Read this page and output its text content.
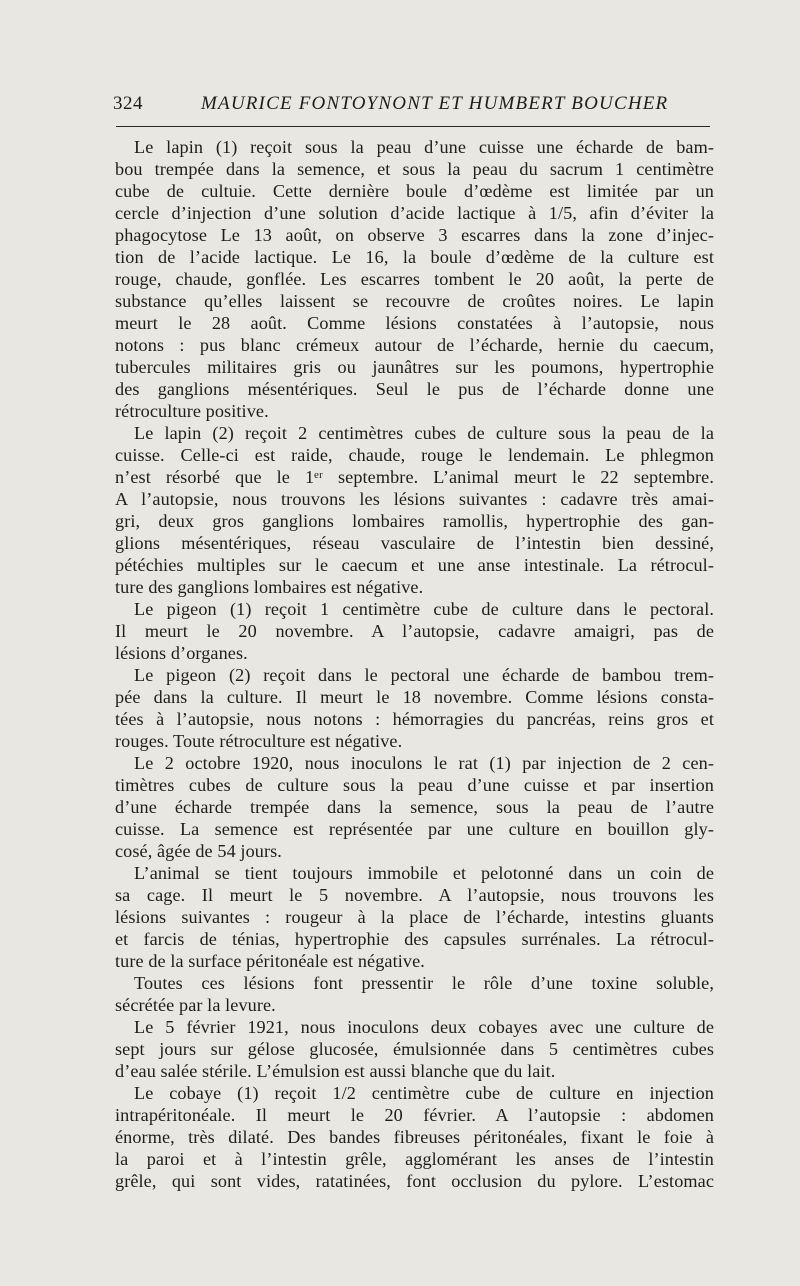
324	MAURICE FONTOYNONT ET HUMBERT BOUCHER
Le lapin (1) reçoit sous la peau d’une cuisse une écharde de bam-
bou trempée dans la semence, et sous la peau du sacrum 1 centimètre
cube de cultuie. Cette dernière boule d’œdème est limitée par un
cercle d’injection d’une solution d’acide lactique à 1/5, afin d’éviter la
phagocytose Le 13 août, on observe 3 escarres dans la zone d’injec-
tion de l’acide lactique. Le 16, la boule d’œdème de la culture est
rouge, chaude, gonflée. Les escarres tombent le 20 août, la perte de
substance qu’elles laissent se recouvre de croûtes noires. Le lapin
meurt le 28 août. Comme lésions constatées à l’autopsie, nous
notons : pus blanc crémeux autour de l’écharde, hernie du caecum,
tubercules militaires gris ou jaunâtres sur les poumons, hypertrophie
des ganglions mésentériques. Seul le pus de l’écharde donne une
rétroculture positive.
Le lapin (2) reçoit 2 centimètres cubes de culture sous la peau de la
cuisse. Celle-ci est raide, chaude, rouge le lendemain. Le phlegmon
n’est résorbé que le 1ᵉʳ septembre. L’animal meurt le 22 septembre.
A l’autopsie, nous trouvons les lésions suivantes : cadavre très amai-
gri, deux gros ganglions lombaires ramollis, hypertrophie des gan-
glions mésentériques, réseau vasculaire de l’intestin bien dessiné,
pétéchies multiples sur le caecum et une anse intestinale. La rétrocul-
ture des ganglions lombaires est négative.
Le pigeon (1) reçoit 1 centimètre cube de culture dans le pectoral.
Il meurt le 20 novembre. A l’autopsie, cadavre amaigri, pas de
lésions d’organes.
Le pigeon (2) reçoit dans le pectoral une écharde de bambou trem-
pée dans la culture. Il meurt le 18 novembre. Comme lésions consta-
tées à l’autopsie, nous notons : hémorragies du pancréas, reins gros et
rouges. Toute rétroculture est négative.
Le 2 octobre 1920, nous inoculons le rat (1) par injection de 2 cen-
timètres cubes de culture sous la peau d’une cuisse et par insertion
d’une écharde trempée dans la semence, sous la peau de l’autre
cuisse. La semence est représentée par une culture en bouillon gly-
cosé, âgée de 54 jours.
L’animal se tient toujours immobile et pelotonné dans un coin de
sa cage. Il meurt le 5 novembre. A l’autopsie, nous trouvons les
lésions suivantes : rougeur à la place de l’écharde, intestins gluants
et farcis de ténias, hypertrophie des capsules surrénales. La rétrocul-
ture de la surface péritonéale est négative.
Toutes ces lésions font pressentir le rôle d’une toxine soluble,
sécrétée par la levure.
Le 5 février 1921, nous inoculons deux cobayes avec une culture de
sept jours sur gélose glucosée, émulsionnée dans 5 centimètres cubes
d’eau salée stérile. L’émulsion est aussi blanche que du lait.
Le cobaye (1) reçoit 1/2 centimètre cube de culture en injection
intrapéritonéale. Il meurt le 20 février. A l’autopsie : abdomen
énorme, très dilaté. Des bandes fibreuses péritonéales, fixant le foie à
la paroi et à l’intestin grêle, agglomérant les anses de l’intestin
grêle, qui sont vides, ratatinées, font occlusion du pylore. L’estomac
